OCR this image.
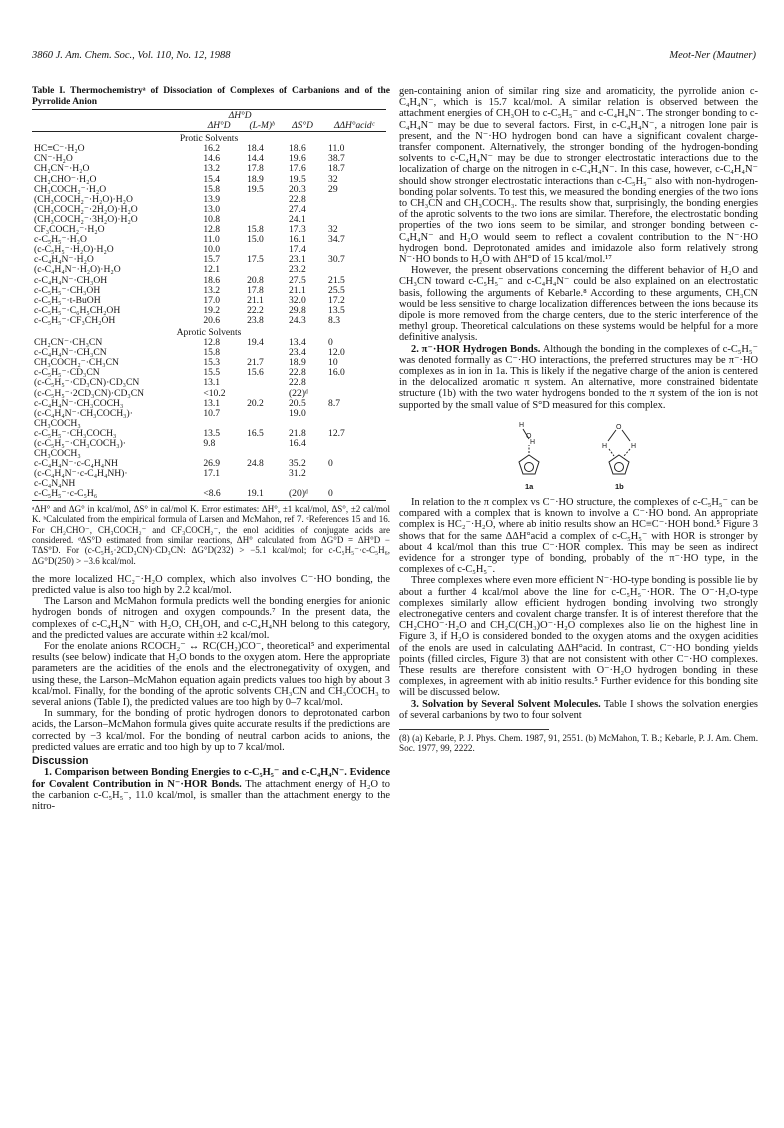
3860 J. Am. Chem. Soc., Vol. 110, No. 12, 1988	Meot-Ner (Mautner)
Table I. Thermochemistryᵃ of Dissociation of Complexes of Carbanions and of the Pyrrolide Anion

	ΔH°D			
	ΔH°D	(L-M)ᵇ	ΔS°D	ΔΔH°acidᶜ

Protic Solvents				
HC≡C⁻·H₂O	16.2	18.4	18.6	11.0
CN⁻·H₂O	14.6	14.4	19.6	38.7
CH₂CN⁻·H₂O	13.2	17.8	17.6	18.7
CH₂CHO⁻·H₂O	15.4	18.9	19.5	32
CH₃COCH₂⁻·H₂O	15.8	19.5	20.3	29
(CH₃COCH₂⁻·H₂O)·H₂O	13.9		22.8	
(CH₃COCH₂⁻·2H₂O)·H₂O	13.0		27.4	
(CH₃COCH₂⁻·3H₂O)·H₂O	10.8		24.1	
CF₃COCH₂⁻·H₂O	12.8	15.8	17.3	32
c-C₅H₅⁻·H₂O	11.0	15.0	16.1	34.7
(c-C₅H₅⁻·H₂O)·H₂O	10.0		17.4	
c-C₄H₄N⁻·H₂O	15.7	17.5	23.1	30.7
(c-C₄H₄N⁻·H₂O)·H₂O	12.1		23.2	
c-C₄H₄N⁻·CH₃OH	18.6	20.8	27.5	21.5
c-C₅H₅⁻·CH₃OH	13.2	17.8	21.1	25.5
c-C₅H₅⁻·t-BuOH	17.0	21.1	32.0	17.2
c-C₅H₅⁻·C₆H₅CH₂OH	19.2	22.2	29.8	13.5
c-C₅H₅⁻·CF₃CH₂OH	20.6	23.8	24.3	8.3
Aprotic Solvents				
CH₂CN⁻·CH₃CN	12.8	19.4	13.4	0
c-C₄H₄N⁻·CH₃CN	15.8		23.4	12.0
CH₃COCH₂⁻·CH₃CN	15.3	21.7	18.9	10
c-C₅H₅⁻·CD₃CN	15.5	15.6	22.8	16.0
(c-C₅H₅⁻·CD₃CN)·CD₃CN	13.1		22.8	
(c-C₅H₅⁻·2CD₃CN)·CD₃CN	<10.2		(22)ᵈ	
c-C₄H₄N⁻·CH₃COCH₃	13.1	20.2	20.5	8.7
(c-C₄H₄N⁻·CH₃COCH₃)·	10.7		19.0	
CH₃COCH₃				
c-C₅H₅⁻·CH₃COCH₃	13.5	16.5	21.8	12.7
(c-C₅H₅⁻·CH₃COCH₃)·	9.8		16.4	
CH₃COCH₃				
c-C₄H₄N⁻·c-C₄H₄NH	26.9	24.8	35.2	0
(c-C₄H₄N⁻·c-C₄H₄NH)·	17.1		31.2	
c-C₄N₄NH				
c-C₅H₅⁻·c-C₅H₆	<8.6	19.1	(20)ᵈ	0

ᵃΔH° and ΔG° in kcal/mol, ΔS° in cal/mol K. Error estimates: ΔH°, ±1 kcal/mol, ΔS°, ±2 cal/mol K. ᵇCalculated from the empirical formula of Larsen and McMahon, ref 7. ᶜReferences 15 and 16. For CH₂CHO⁻, CH₃COCH₂⁻ and CF₃COCH₂⁻, the enol acidities of conjugate acids are considered. ᵈΔS°D estimated from similar reactions, ΔH° calculated from ΔG°D = ΔH°D − TΔS°D. For (c-C₅H₅·2CD₃CN)·CD₃CN: ΔG°D(232) > −5.1 kcal/mol; for c-C₅H₅⁻·c-C₅H₆, ΔG°D(250) > −3.6 kcal/mol.

the more localized HC₂⁻·H₂O complex, which also involves C⁻·HO bonding, the predicted value is also too high by 2.2 kcal/mol.

The Larson and McMahon formula predicts well the bonding energies for anionic hydrogen bonds of nitrogen and oxygen compounds.⁷ In the present data, the complexes of c-C₄H₄N⁻ with H₂O, CH₃OH, and c-C₄H₄NH belong to this category, and the predicted values are accurate within ±2 kcal/mol.

For the enolate anions RCOCH₂⁻ ↔ RC(CH₂)CO⁻, theoretical⁵ and experimental results (see below) indicate that H₂O bonds to the oxygen atom. Here the appropriate parameters are the acidities of the enols and the electronegativity of oxygen, and using these, the Larson–McMahon equation again predicts values too high by about 3 kcal/mol. Finally, for the bonding of the aprotic solvents CH₃CN and CH₃COCH₃ to several anions (Table I), the predicted values are too high by 0–7 kcal/mol.

In summary, for the bonding of protic hydrogen donors to deprotonated carbon acids, the Larson–McMahon formula gives quite accurate results if the predictions are corrected by −3 kcal/mol. For the bonding of neutral carbon acids to anions, the predicted values are erratic and too high by up to 7 kcal/mol.

Discussion

1. Comparison between Bonding Energies to c-C₅H₅⁻ and c-C₄H₄N⁻. Evidence for Covalent Contribution in N⁻·HOR Bonds. The attachment energy of H₂O to the carbanion c-C₅H₅⁻, 11.0 kcal/mol, is smaller than the attachment energy to the nitro-

gen-containing anion of similar ring size and aromaticity, the pyrrolide anion c-C₄H₄N⁻, which is 15.7 kcal/mol. A similar relation is observed between the attachment energies of CH₃OH to c-C₅H₅⁻ and c-C₄H₄N⁻. The stronger bonding to c-C₄H₄N⁻ may be due to several factors. First, in c-C₄H₄N⁻, a nitrogen lone pair is present, and the N⁻·HO hydrogen bond can have a significant covalent charge-transfer component. Alternatively, the stronger bonding of the hydrogen-bonding solvents to c-C₄H₄N⁻ may be due to stronger electrostatic interactions due to the localization of charge on the nitrogen in c-C₄H₄N⁻. In this case, however, c-C₄H₄N⁻ should show stronger electrostatic interactions than c-C₅H₅⁻ also with non-hydrogen-bonding polar solvents. To test this, we measured the bonding energies of the two ions to CH₃CN and CH₃COCH₃. The results show that, surprisingly, the bonding energies of the aprotic solvents to the two ions are similar. Therefore, the electrostatic bonding properties of the two ions seem to be similar, and stronger bonding between c-C₄H₄N⁻ and H₂O would seem to reflect a covalent contribution to the N⁻·HO hydrogen bond. Deprotonated amides and imidazole also form relatively strong N⁻·HO bonds to H₂O with ΔH°D of 15 kcal/mol.¹⁷

However, the present observations concerning the different behavior of H₂O and CH₃CN toward c-C₅H₅⁻ and c-C₄H₄N⁻ could be also explained on an electrostatic basis, following the arguments of Kebarle.⁸ According to these arguments, CH₃CN would be less sensitive to charge localization differences between the ions because its dipole is more removed from the charge centers, due to the steric interference of the methyl group. Theoretical calculations on these systems would be helpful for a more definitive analysis.

2. π⁻·HOR Hydrogen Bonds. Although the bonding in the complexes of c-C₅H₅⁻ was denoted formally as C⁻·HO interactions, the preferred structures may be π⁻·HO complexes as in ion in 1a. This is likely if the negative charge of the anion is centered in the delocalized aromatic π system. An alternative, more constrained bidentate structure (1b) with the two water hydrogens bonded to the π system of the ion is not supported by the small value of S°D measured for this complex.

H
H
O
O
H	H
1a	1b

In relation to the π complex vs C⁻·HO structure, the complexes of c-C₅H₅⁻ can be compared with a complex that is known to involve a C⁻·HO bond. An appropriate complex is HC₂⁻·H₂O, where ab initio results show an HC≡C⁻·HOH bond.⁵ Figure 3 shows that for the same ΔΔH°acid a complex of c-C₅H₅⁻ with HOR is stronger by about 4 kcal/mol than this true C⁻·HOR complex. This may be seen as indirect evidence for a stronger type of bonding, probably of the π⁻·HO type, in the complexes of c-C₅H₅⁻.

Three complexes where even more efficient N⁻·HO-type bonding is possible lie by about a further 4 kcal/mol above the line for c-C₅H₅⁻·HOR. The O⁻·H₂O-type complexes similarly allow efficient hydrogen bonding involving two strongly electronegative centers and covalent charge transfer. It is of interest therefore that the CH₂CHO⁻·H₂O and CH₂C(CH₃)O⁻·H₂O complexes also lie on the highest line in Figure 3, if H₂O is considered bonded to the oxygen atoms and the oxygen acidities of the enols are used in calculating ΔΔH°acid. In contrast, C⁻·HO bonding yields points (filled circles, Figure 3) that are not consistent with other C⁻·HO complexes. These results are therefore consistent with O⁻·H₂O hydrogen bonding in these complexes, in agreement with ab initio results.⁵ Further evidence for this bonding site will be discussed below.

3. Solvation by Several Solvent Molecules. Table I shows the solvation energies of several carbanions by two to four solvent

(8) (a) Kebarle, P. J. Phys. Chem. 1987, 91, 2551. (b) McMahon, T. B.; Kebarle, P. J. Am. Chem. Soc. 1977, 99, 2222.
